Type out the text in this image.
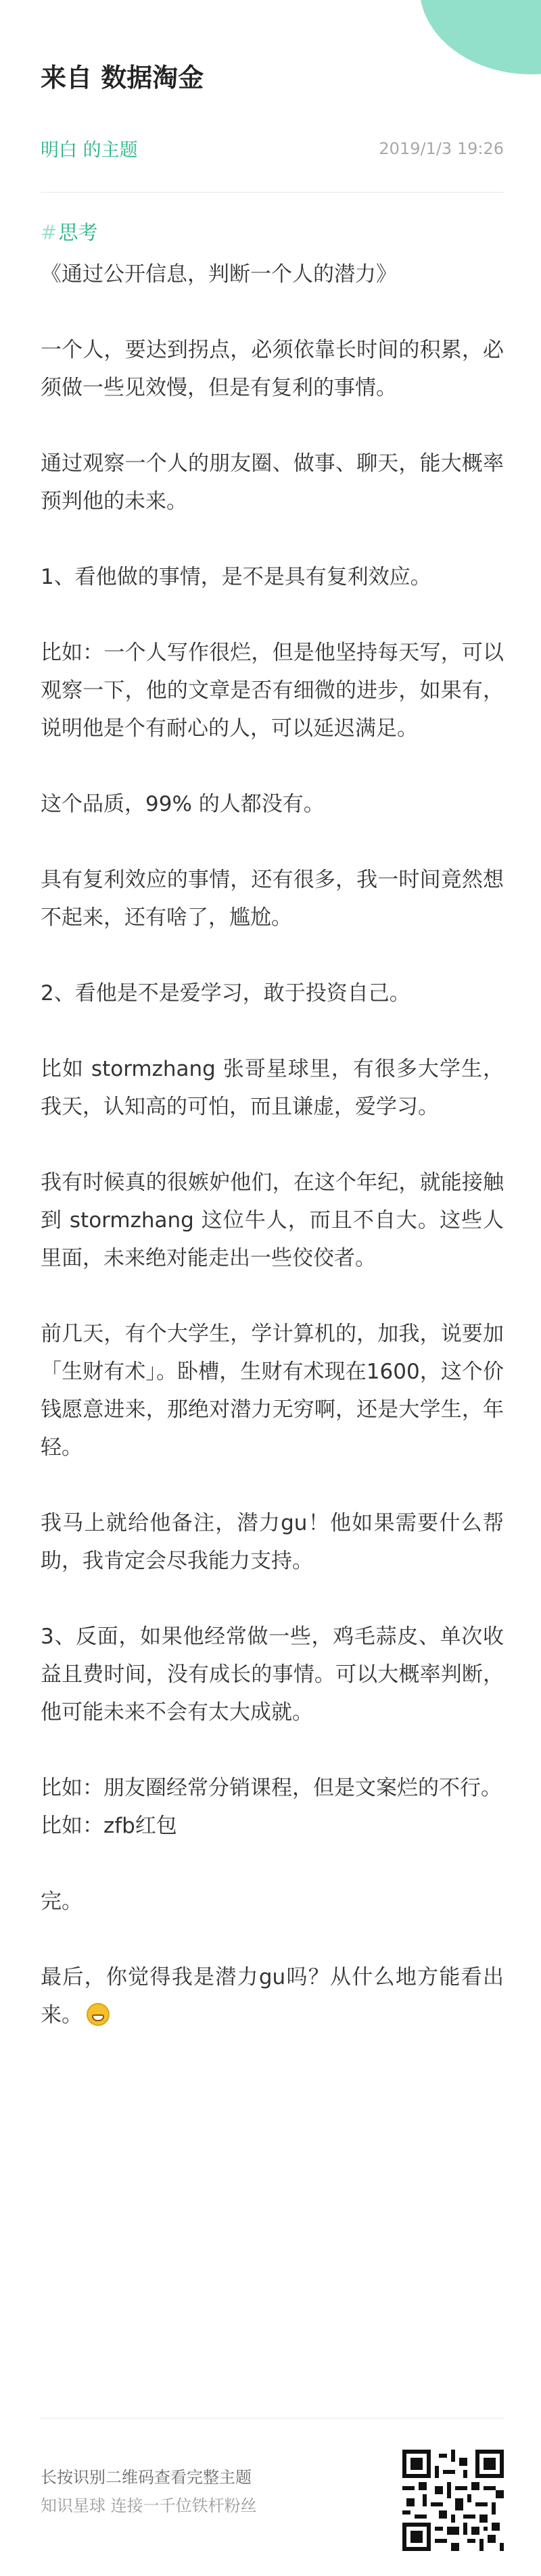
来自 数据淘金
明白 的主题	2019/1/3 19:26
#思考

《通过公开信息，判断一个人的潜力》

一个人，要达到拐点，必须依靠长时间的积累，必须做一些见效慢，但是有复利的事情。

通过观察一个人的朋友圈、做事、聊天，能大概率预判他的未来。

1、看他做的事情，是不是具有复利效应。

比如：一个人写作很烂，但是他坚持每天写，可以观察一下，他的文章是否有细微的进步，如果有，说明他是个有耐心的人，可以延迟满足。

这个品质，99% 的人都没有。

具有复利效应的事情，还有很多，我一时间竟然想不起来，还有啥了，尴尬。

2、看他是不是爱学习，敢于投资自己。

比如 stormzhang 张哥星球里，有很多大学生，我天，认知高的可怕，而且谦虚，爱学习。

我有时候真的很嫉妒他们，在这个年纪，就能接触到 stormzhang 这位牛人，而且不自大。这些人里面，未来绝对能走出一些佼佼者。

前几天，有个大学生，学计算机的，加我，说要加「生财有术」。卧槽，生财有术现在1600，这个价钱愿意进来，那绝对潜力无穷啊，还是大学生，年轻。

我马上就给他备注，潜力gu！他如果需要什么帮助，我肯定会尽我能力支持。

3、反面，如果他经常做一些，鸡毛蒜皮、单次收益且费时间，没有成长的事情。可以大概率判断，他可能未来不会有太大成就。

比如：朋友圈经常分销课程，但是文案烂的不行。

比如：zfb红包

完。

最后，你觉得我是潜力gu吗？从什么地方能看出来。

长按识别二维码查看完整主题
知识星球 连接一千位铁杆粉丝
